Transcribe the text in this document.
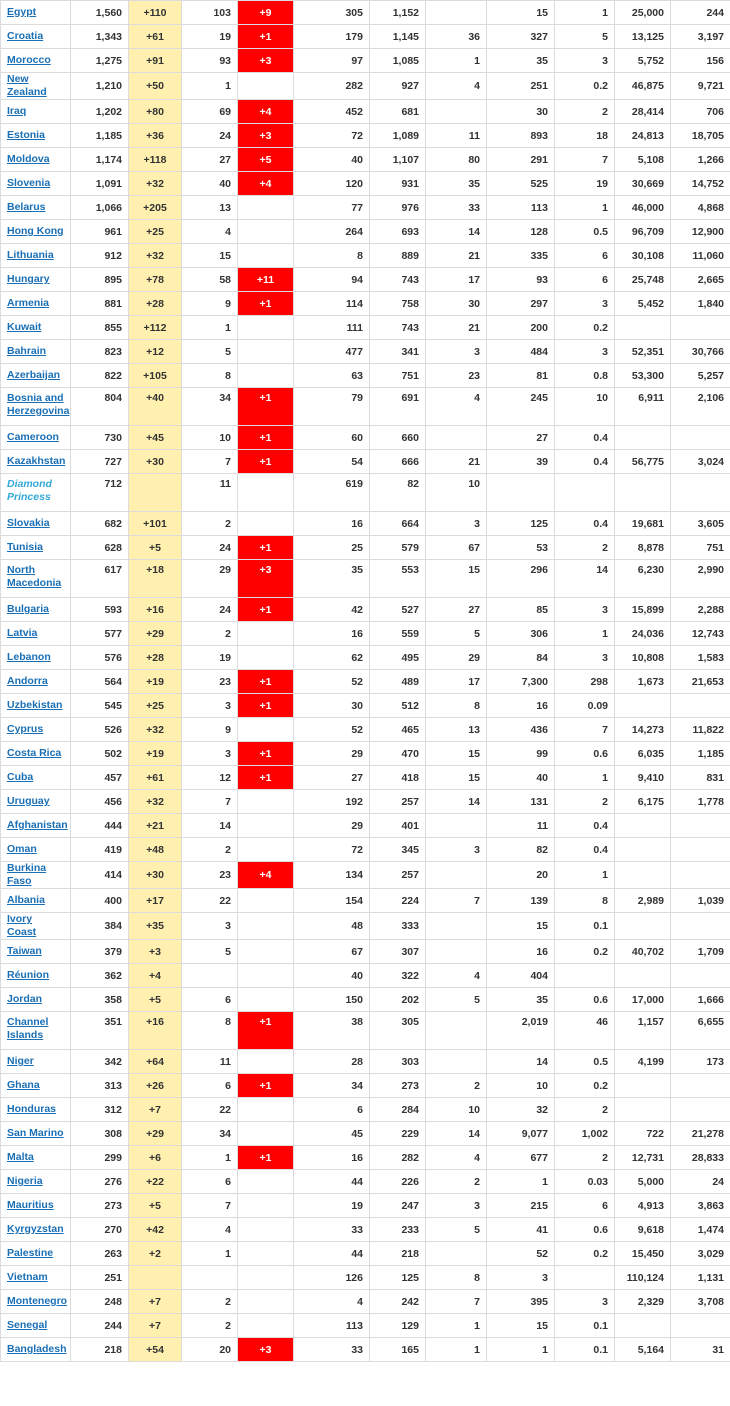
Egypt	1,560	+110	103	+9	305	1,152		15	1	25,000	244
Croatia	1,343	+61	19	+1	179	1,145	36	327	5	13,125	3,197
Morocco	1,275	+91	93	+3	97	1,085	1	35	3	5,752	156
New Zealand	1,210	+50	1		282	927	4	251	0.2	46,875	9,721
Iraq	1,202	+80	69	+4	452	681		30	2	28,414	706
Estonia	1,185	+36	24	+3	72	1,089	11	893	18	24,813	18,705
Moldova	1,174	+118	27	+5	40	1,107	80	291	7	5,108	1,266
Slovenia	1,091	+32	40	+4	120	931	35	525	19	30,669	14,752
Belarus	1,066	+205	13		77	976	33	113	1	46,000	4,868
Hong Kong	961	+25	4		264	693	14	128	0.5	96,709	12,900
Lithuania	912	+32	15		8	889	21	335	6	30,108	11,060
Hungary	895	+78	58	+11	94	743	17	93	6	25,748	2,665
Armenia	881	+28	9	+1	114	758	30	297	3	5,452	1,840
Kuwait	855	+112	1		111	743	21	200	0.2		
Bahrain	823	+12	5		477	341	3	484	3	52,351	30,766
Azerbaijan	822	+105	8		63	751	23	81	0.8	53,300	5,257
Bosnia and Herzegovina	804	+40	34	+1	79	691	4	245	10	6,911	2,106
Cameroon	730	+45	10	+1	60	660		27	0.4		
Kazakhstan	727	+30	7	+1	54	666	21	39	0.4	56,775	3,024
Diamond Princess	712		11		619	82	10				
Slovakia	682	+101	2		16	664	3	125	0.4	19,681	3,605
Tunisia	628	+5	24	+1	25	579	67	53	2	8,878	751
North Macedonia	617	+18	29	+3	35	553	15	296	14	6,230	2,990
Bulgaria	593	+16	24	+1	42	527	27	85	3	15,899	2,288
Latvia	577	+29	2		16	559	5	306	1	24,036	12,743
Lebanon	576	+28	19		62	495	29	84	3	10,808	1,583
Andorra	564	+19	23	+1	52	489	17	7,300	298	1,673	21,653
Uzbekistan	545	+25	3	+1	30	512	8	16	0.09		
Cyprus	526	+32	9		52	465	13	436	7	14,273	11,822
Costa Rica	502	+19	3	+1	29	470	15	99	0.6	6,035	1,185
Cuba	457	+61	12	+1	27	418	15	40	1	9,410	831
Uruguay	456	+32	7		192	257	14	131	2	6,175	1,778
Afghanistan	444	+21	14		29	401		11	0.4		
Oman	419	+48	2		72	345	3	82	0.4		
Burkina Faso	414	+30	23	+4	134	257		20	1		
Albania	400	+17	22		154	224	7	139	8	2,989	1,039
Ivory Coast	384	+35	3		48	333		15	0.1		
Taiwan	379	+3	5		67	307		16	0.2	40,702	1,709
Réunion	362	+4			40	322	4	404			
Jordan	358	+5	6		150	202	5	35	0.6	17,000	1,666
Channel Islands	351	+16	8	+1	38	305		2,019	46	1,157	6,655
Niger	342	+64	11		28	303		14	0.5	4,199	173
Ghana	313	+26	6	+1	34	273	2	10	0.2		
Honduras	312	+7	22		6	284	10	32	2		
San Marino	308	+29	34		45	229	14	9,077	1,002	722	21,278
Malta	299	+6	1	+1	16	282	4	677	2	12,731	28,833
Nigeria	276	+22	6		44	226	2	1	0.03	5,000	24
Mauritius	273	+5	7		19	247	3	215	6	4,913	3,863
Kyrgyzstan	270	+42	4		33	233	5	41	0.6	9,618	1,474
Palestine	263	+2	1		44	218		52	0.2	15,450	3,029
Vietnam	251				126	125	8	3		110,124	1,131
Montenegro	248	+7	2		4	242	7	395	3	2,329	3,708
Senegal	244	+7	2		113	129	1	15	0.1		
Bangladesh	218	+54	20	+3	33	165	1	1	0.1	5,164	31
